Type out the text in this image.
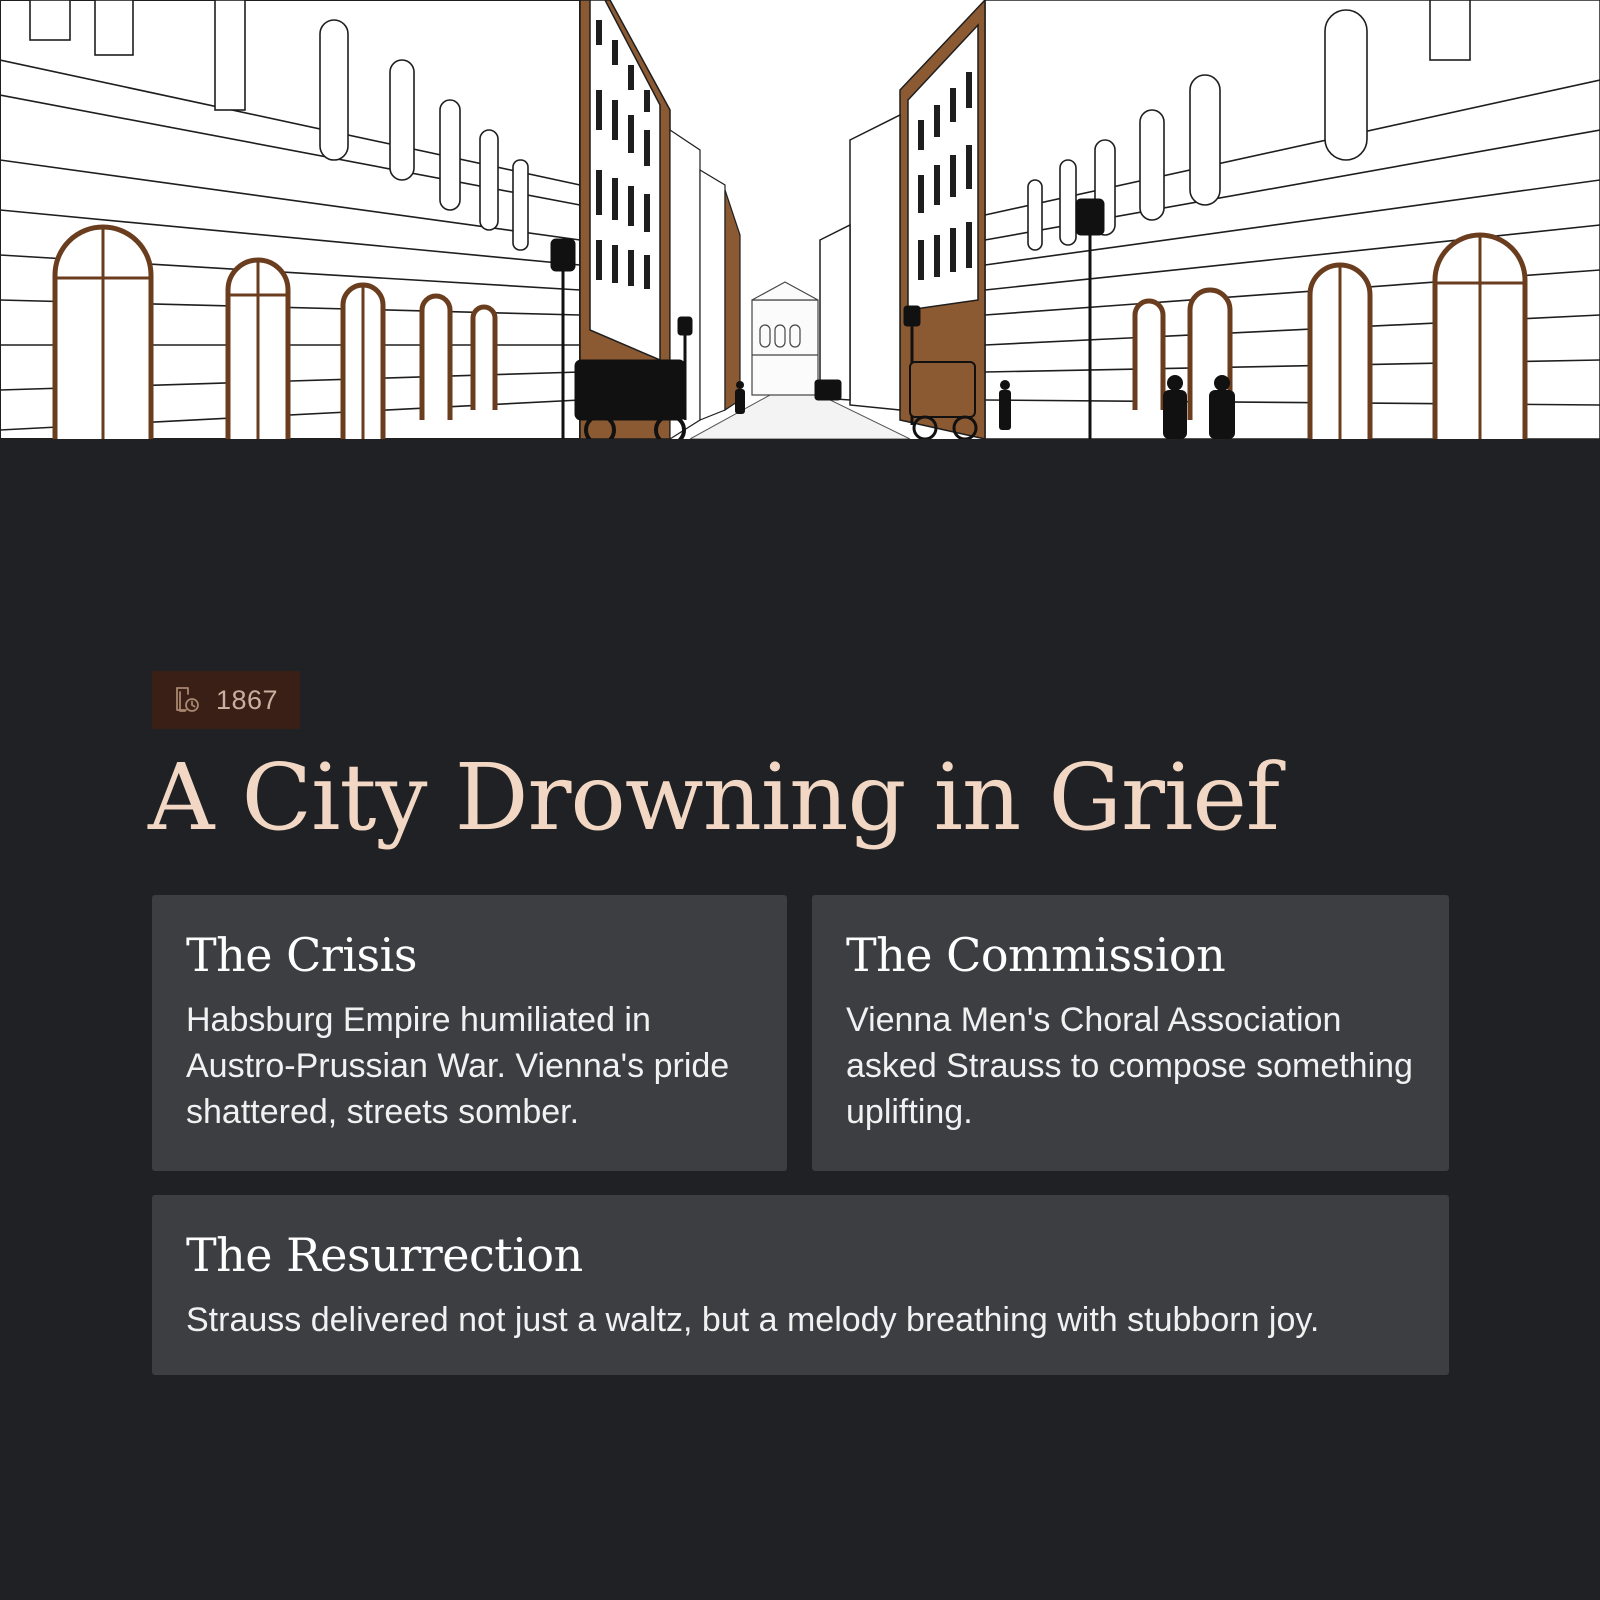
1867
A City Drowning in Grief
The Crisis

Habsburg Empire humiliated in Austro-Prussian War. Vienna's pride shattered, streets somber.

The Commission

Vienna Men's Choral Association asked Strauss to compose something uplifting.

The Resurrection

Strauss delivered not just a waltz, but a melody breathing with stubborn joy.
